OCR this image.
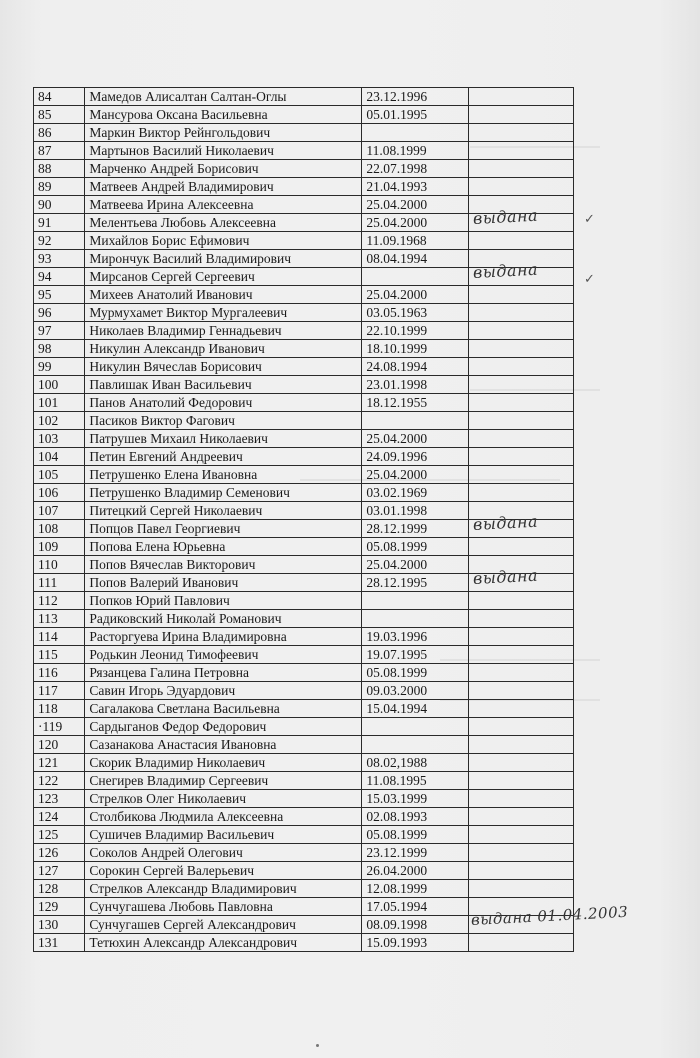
84	Мамедов Алисалтан Салтан-Оглы	23.12.1996	
85	Мансурова Оксана Васильевна	05.01.1995	
86	Маркин Виктор Рейнгольдович		
87	Мартынов Василий Николаевич	11.08.1999	
88	Марченко Андрей Борисович	22.07.1998	
89	Матвеев Андрей Владимирович	21.04.1993	
90	Матвеева Ирина Алексеевна	25.04.2000	
91	Мелентьева Любовь Алексеевна	25.04.2000	выдана

92	Михайлов Борис Ефимович	11.09.1968	
93	Мирончук Василий Владимирович	08.04.1994	
94	Мирсанов Сергей Сергеевич		выдана

95	Михеев Анатолий Иванович	25.04.2000	
96	Мурмухамет Виктор Мургалеевич	03.05.1963	
97	Николаев Владимир Геннадьевич	22.10.1999	
98	Никулин Александр Иванович	18.10.1999	
99	Никулин Вячеслав Борисович	24.08.1994	
100	Павлишак Иван Васильевич	23.01.1998	
101	Панов Анатолий Федорович	18.12.1955	
102	Пасиков Виктор Фагович		
103	Патрушев Михаил Николаевич	25.04.2000	
104	Петин Евгений Андреевич	24.09.1996	
105	Петрушенко Елена Ивановна	25.04.2000	
106	Петрушенко Владимир Семенович	03.02.1969	
107	Питецкий Сергей Николаевич	03.01.1998	
108	Попцов Павел Георгиевич	28.12.1999	выдана

109	Попова Елена Юрьевна	05.08.1999	
110	Попов Вячеслав Викторович	25.04.2000	
111	Попов Валерий Иванович	28.12.1995	выдана

112	Попков Юрий Павлович		
113	Радиковский Николай Романович		
114	Расторгуева Ирина Владимировна	19.03.1996	
115	Родькин Леонид Тимофеевич	19.07.1995	
116	Рязанцева Галина Петровна	05.08.1999	
117	Савин Игорь Эдуардович	09.03.2000	
118	Сагалакова Светлана Васильевна	15.04.1994	
·119	Сардыганов Федор Федорович		
120	Сазанакова Анастасия Ивановна		
121	Скорик Владимир Николаевич	08.02,1988	
122	Снегирев Владимир Сергеевич	11.08.1995	
123	Стрелков Олег Николаевич	15.03.1999	
124	Столбикова Людмила Алексеевна	02.08.1993	
125	Сушичев Владимир Васильевич	05.08.1999	
126	Соколов Андрей Олегович	23.12.1999	
127	Сорокин Сергей Валерьевич	26.04.2000	
128	Стрелков Александр Владимирович	12.08.1999	
129	Сунчугашева Любовь Павловна	17.05.1994	
130	Сунчугашев Сергей Александрович	08.09.1998	выдана 01.04.2003

131	Тетюхин Александр Александрович	15.09.1993	
✓
✓
